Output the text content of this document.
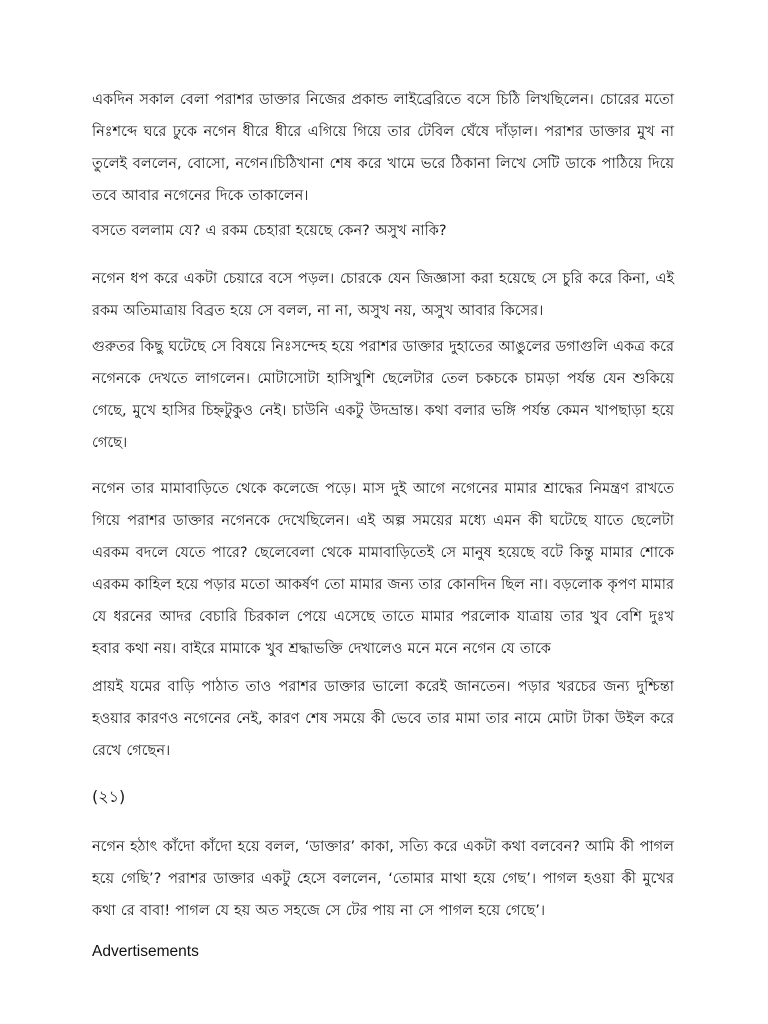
একদিন সকাল বেলা পরাশর ডাক্তার নিজের প্রকান্ড লাইব্রেরিতে বসে চিঠি লিখছিলেন। চোরের মতো নিঃশব্দে ঘরে ঢুকে নগেন ধীরে ধীরে এগিয়ে গিয়ে তার টেবিল ঘেঁষে দাঁড়াল। পরাশর ডাক্তার মুখ না তুলেই বললেন, বোসো, নগেন।চিঠিখানা শেষ করে খামে ভরে ঠিকানা লিখে সেটি ডাকে পাঠিয়ে দিয়ে তবে আবার নগেনের দিকে তাকালেন।

বসতে বললাম যে? এ রকম চেহারা হয়েছে কেন? অসুখ নাকি?

নগেন ধপ করে একটা চেয়ারে বসে পড়ল। চোরকে যেন জিজ্ঞাসা করা হয়েছে সে চুরি করে কিনা, এই রকম অতিমাত্রায় বিব্রত হয়ে সে বলল, না না, অসুখ নয়, অসুখ আবার কিসের।

গুরুতর কিছু ঘটেছে সে বিষয়ে নিঃসন্দেহ হয়ে পরাশর ডাক্তার দুহাতের আঙুলের ডগাগুলি একত্র করে নগেনকে দেখতে লাগলেন। মোটাসোটা হাসিখুশি ছেলেটার তেল চকচকে চামড়া পর্যন্ত যেন শুকিয়ে গেছে, মুখে হাসির চিহ্নটুকুও নেই। চাউনি একটু উদভ্রান্ত। কথা বলার ভঙ্গি পর্যন্ত কেমন খাপছাড়া হয়ে গেছে।

নগেন তার মামাবাড়িতে থেকে কলেজে পড়ে। মাস দুই আগে নগেনের মামার শ্রাদ্ধের নিমন্ত্রণ রাখতে গিয়ে পরাশর ডাক্তার নগেনকে দেখেছিলেন। এই অল্প সময়ের মধ্যে এমন কী ঘটেছে যাতে ছেলেটা এরকম বদলে যেতে পারে? ছেলেবেলা থেকে মামাবাড়িতেই সে মানুষ হয়েছে বটে কিন্তু মামার শোকে এরকম কাহিল হয়ে পড়ার মতো আকর্ষণ তো মামার জন্য তার কোনদিন ছিল না। বড়লোক কৃপণ মামার যে ধরনের আদর বেচারি চিরকাল পেয়ে এসেছে তাতে মামার পরলোক যাত্রায় তার খুব বেশি দুঃখ হবার কথা নয়। বাইরে মামাকে খুব শ্রদ্ধাভক্তি দেখালেও মনে মনে নগেন যে তাকে

প্রায়ই যমের বাড়ি পাঠাত তাও পরাশর ডাক্তার ভালো করেই জানতেন। পড়ার খরচের জন্য দুশ্চিন্তা হওয়ার কারণও নগেনের নেই, কারণ শেষ সময়ে কী ভেবে তার মামা তার নামে মোটা টাকা উইল করে রেখে গেছেন।

(২১)

নগেন হঠাৎ কাঁদো কাঁদো হয়ে বলল, ‘ডাক্তার’ কাকা, সত্যি করে একটা কথা বলবেন? আমি কী পাগল হয়ে গেছি’? পরাশর ডাক্তার একটু হেসে বললেন, ‘তোমার মাথা হয়ে গেছ’। পাগল হওয়া কী মুখের কথা রে বাবা! পাগল যে হয় অত সহজে সে টের পায় না সে পাগল হয়ে গেছে’।

Advertisements
